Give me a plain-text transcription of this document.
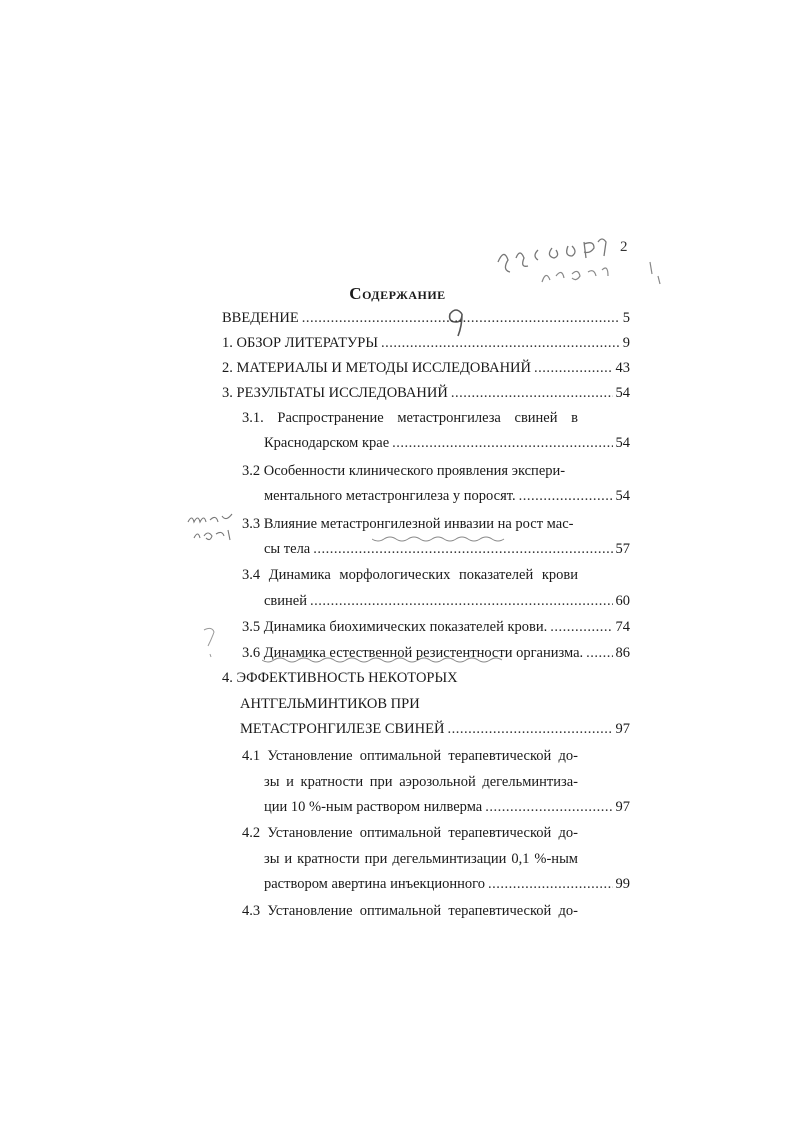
2
Содержание
ВВЕДЕНИЕ .....	5
1. ОБЗОР ЛИТЕРАТУРЫ .....	9
2. МАТЕРИАЛЫ И МЕТОДЫ ИССЛЕДОВАНИЙ .....	43
3. РЕЗУЛЬТАТЫ ИССЛЕДОВАНИЙ .....	54
3.1. Распространение метастронгилеза свиней в
Краснодарском крае .....	54
3.2 Особенности клинического проявления экспери-
ментального метастронгилеза у поросят. .....	54
3.3 Влияние метастронгилезной инвазии на рост мас-
сы тела .....	57
3.4 Динамика морфологических показателей крови
свиней .....	60
3.5 Динамика биохимических показателей крови. .....	74
3.6 Динамика естественной резистентности организма. ..... 86
4. ЭФФЕКТИВНОСТЬ НЕКОТОРЫХ
АНТГЕЛЬМИНТИКОВ ПРИ
МЕТАСТРОНГИЛЕЗЕ СВИНЕЙ .....	97
4.1 Установление оптимальной терапевтической до-
зы и кратности при аэрозольной дегельминтиза-
ции 10 %-ным раствором нилверма .....	97
4.2 Установление оптимальной терапевтической до-
зы и кратности при дегельминтизации 0,1 %-ным
раствором авертина инъекционного .....	99
4.3 Установление оптимальной терапевтической до-
